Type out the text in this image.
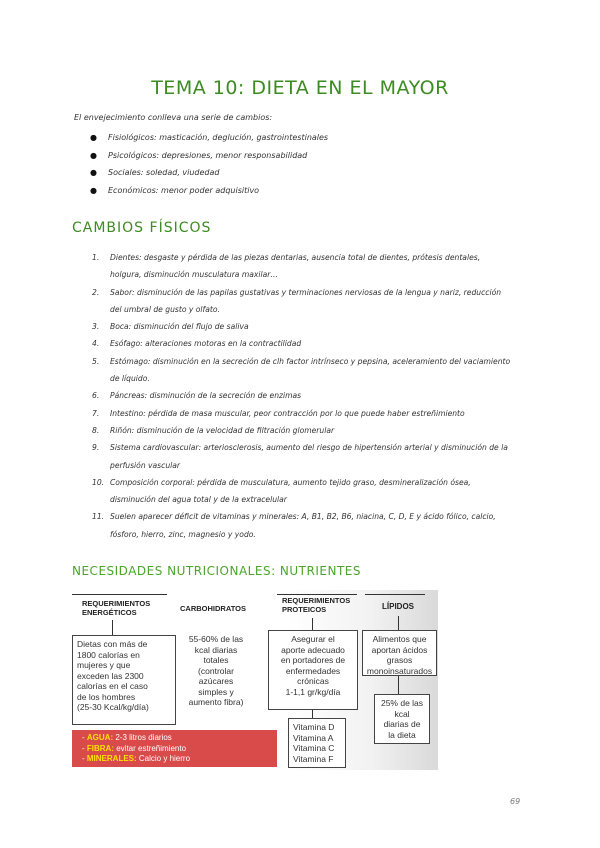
TEMA 10: DIETA EN EL MAYOR
El envejecimiento conlleva una serie de cambios:
● Fisiológicos: masticación, deglución, gastrointestinales
● Psicológicos: depresiones, menor responsabilidad
● Sociales: soledad, viudedad
● Económicos: menor poder adquisitivo
CAMBIOS FÍSICOS
1. Dientes: desgaste y pérdida de las piezas dentarias, ausencia total de dientes, prótesis dentales,
holgura, disminución musculatura maxilar…
2. Sabor: disminución de las papilas gustativas y terminaciones nerviosas de la lengua y nariz, reducción
del umbral de gusto y olfato.
3. Boca: disminución del flujo de saliva
4. Esófago: alteraciones motoras en la contractilidad
5. Estómago: disminución en la secreción de clh factor intrínseco y pepsina, aceleramiento del vaciamiento
de líquido.
6. Páncreas: disminución de la secreción de enzimas
7. Intestino: pérdida de masa muscular, peor contracción por lo que puede haber estreñimiento
8. Riñón: disminución de la velocidad de filtración glomerular
9. Sistema cardiovascular: arteriosclerosis, aumento del riesgo de hipertensión arterial y disminución de la
perfusión vascular
10. Composición corporal: pérdida de musculatura, aumento tejido graso, desmineralización ósea,
disminución del agua total y de la extracelular
11. Suelen aparecer déficit de vitaminas y minerales: A, B1, B2, B6, niacina, C, D, E y ácido fólico, calcio,
fósforo, hierro, zinc, magnesio y yodo.
NECESIDADES NUTRICIONALES: NUTRIENTES
REQUERIMIENTOS
ENERGÉTICOS
Dietas con más de
1800 calorías en
mujeres y que
exceden las 2300
calorías en el caso
de los hombres
(25-30 Kcal/kg/día)
CARBOHIDRATOS
55-60% de las
kcal diarias
totales
(controlar
azúcares
simples y
aumento fibra)
REQUERIMIENTOS
PROTEICOS
Asegurar el
aporte adecuado
en portadores de
enfermedades
crónicas
1-1,1 gr/kg/día
Vitamina D
Vitamina A
Vitamina C
Vitamina F
LÍPIDOS
Alimentos que
aportan ácidos
grasos
monoinsaturados
25% de las
kcal
diarias de
la dieta
- AGUA: 2-3 litros diarios
- FIBRA: evitar estreñimiento
- MINERALES: Calcio y hierro
69
